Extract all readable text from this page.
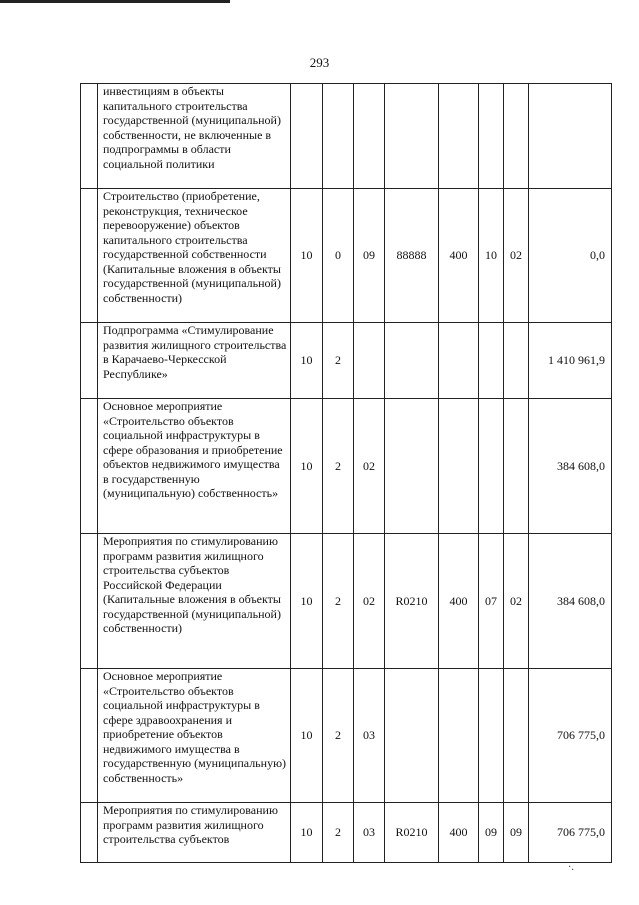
293
	инвестициям в объекты капитального строительства государственной (муниципальной) собственности, не включенные в подпрограммы в области социальной политики								
	Строительство (приобретение, реконструкция, техническое перевооружение) объектов капитального строительства государственной собственности (Капитальные вложения в объекты государственной (муниципальной) собственности)	10	0	09	88888	400	10	02	0,0
	Подпрограмма «Стимулирование развития жилищного строительства в Карачаево-Черкесской Республике»	10	2						1 410 961,9
	Основное мероприятие «Строительство объектов социальной инфраструктуры в сфере образования и приобретение объектов недвижимого имущества в государственную (муниципальную) собственность»	10	2	02					384 608,0
	Мероприятия по стимулированию программ развития жилищного строительства субъектов Российской Федерации (Капитальные вложения в объекты государственной (муниципальной) собственности)	10	2	02	R0210	400	07	02	384 608,0
	Основное мероприятие «Строительство объектов социальной инфраструктуры в сфере здравоохранения и приобретение объектов недвижимого имущества в государственную (муниципальную) собственность»	10	2	03					706 775,0
	Мероприятия по стимулированию программ развития жилищного строительства субъектов	10	2	03	R0210	400	09	09	706 775,0
·.
